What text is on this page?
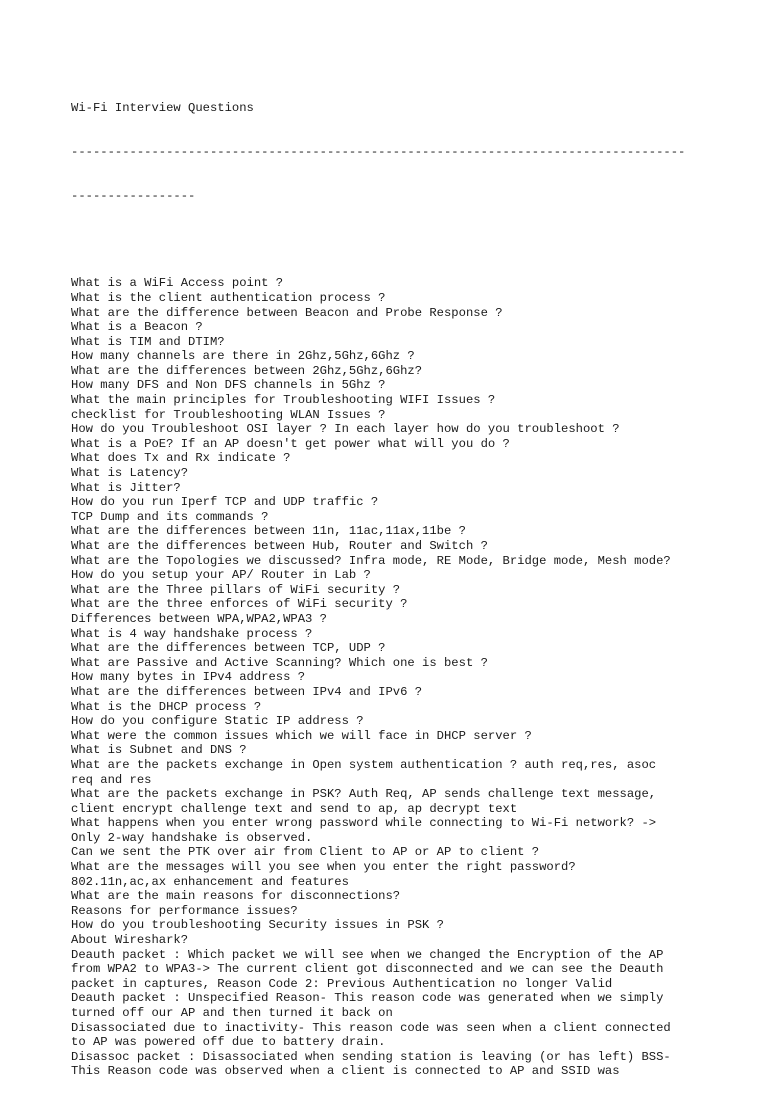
Wi-Fi Interview Questions

------------------------------------------------------------------------------------

-----------------

What is a WiFi Access point ?
What is the client authentication process ?
What are the difference between Beacon and Probe Response ?
What is a Beacon ?
What is TIM and DTIM?
How many channels are there in 2Ghz,5Ghz,6Ghz ?
What are the differences between 2Ghz,5Ghz,6Ghz?
How many DFS and Non DFS channels in 5Ghz ?
What the main principles for Troubleshooting WIFI Issues ?
checklist for Troubleshooting WLAN Issues ?
How do you Troubleshoot OSI layer ? In each layer how do you troubleshoot ?
What is a PoE? If an AP doesn't get power what will you do ?
What does Tx and Rx indicate ?
What is Latency?
What is Jitter?
How do you run Iperf TCP and UDP traffic ?
TCP Dump and its commands ?
What are the differences between 11n, 11ac,11ax,11be ?
What are the differences between Hub, Router and Switch ?
What are the Topologies we discussed? Infra mode, RE Mode, Bridge mode, Mesh mode?
How do you setup your AP/ Router in Lab ?
What are the Three pillars of WiFi security ?
What are the three enforces of WiFi security ?
Differences between WPA,WPA2,WPA3 ?
What is 4 way handshake process ?
What are the differences between TCP, UDP ?
What are Passive and Active Scanning? Which one is best ?
How many bytes in IPv4 address ?
What are the differences between IPv4 and IPv6 ?
What is the DHCP process ?
How do you configure Static IP address ?
What were the common issues which we will face in DHCP server ?
What is Subnet and DNS ?
What are the packets exchange in Open system authentication ? auth req,res, asoc
req and res
What are the packets exchange in PSK? Auth Req, AP sends challenge text message,
client encrypt challenge text and send to ap, ap decrypt text
What happens when you enter wrong password while connecting to Wi-Fi network? ->
Only 2-way handshake is observed.
Can we sent the PTK over air from Client to AP or AP to client ?
What are the messages will you see when you enter the right password?
802.11n,ac,ax enhancement and features
What are the main reasons for disconnections?
Reasons for performance issues?
How do you troubleshooting Security issues in PSK ?
About Wireshark?
Deauth packet : Which packet we will see when we changed the Encryption of the AP
from WPA2 to WPA3-> The current client got disconnected and we can see the Deauth
packet in captures, Reason Code 2: Previous Authentication no longer Valid
Deauth packet : Unspecified Reason- This reason code was generated when we simply
turned off our AP and then turned it back on
Disassociated due to inactivity- This reason code was seen when a client connected
to AP was powered off due to battery drain.
Disassoc packet : Disassociated when sending station is leaving (or has left) BSS-
This Reason code was observed when a client is connected to AP and SSID was
